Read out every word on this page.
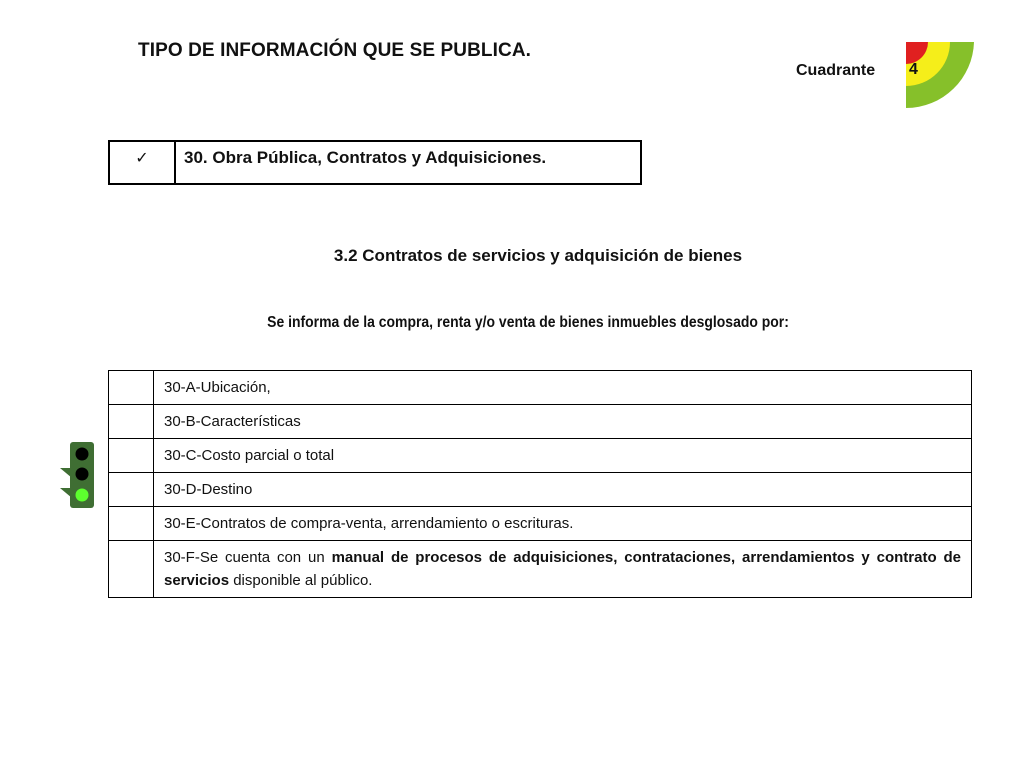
TIPO DE INFORMACIÓN QUE SE PUBLICA.
Cuadrante 4
✓	30. Obra Pública, Contratos y Adquisiciones.
3.2 Contratos de servicios y adquisición de bienes
Se informa de la compra, renta y/o venta de bienes inmuebles desglosado por:
	30-A-Ubicación,
	30-B-Características
	30-C-Costo parcial o total
	30-D-Destino
	30-E-Contratos de compra-venta, arrendamiento o escrituras.
	30-F-Se cuenta con un manual de procesos de adquisiciones, contrataciones, arrendamientos y contrato de servicios disponible al público.
